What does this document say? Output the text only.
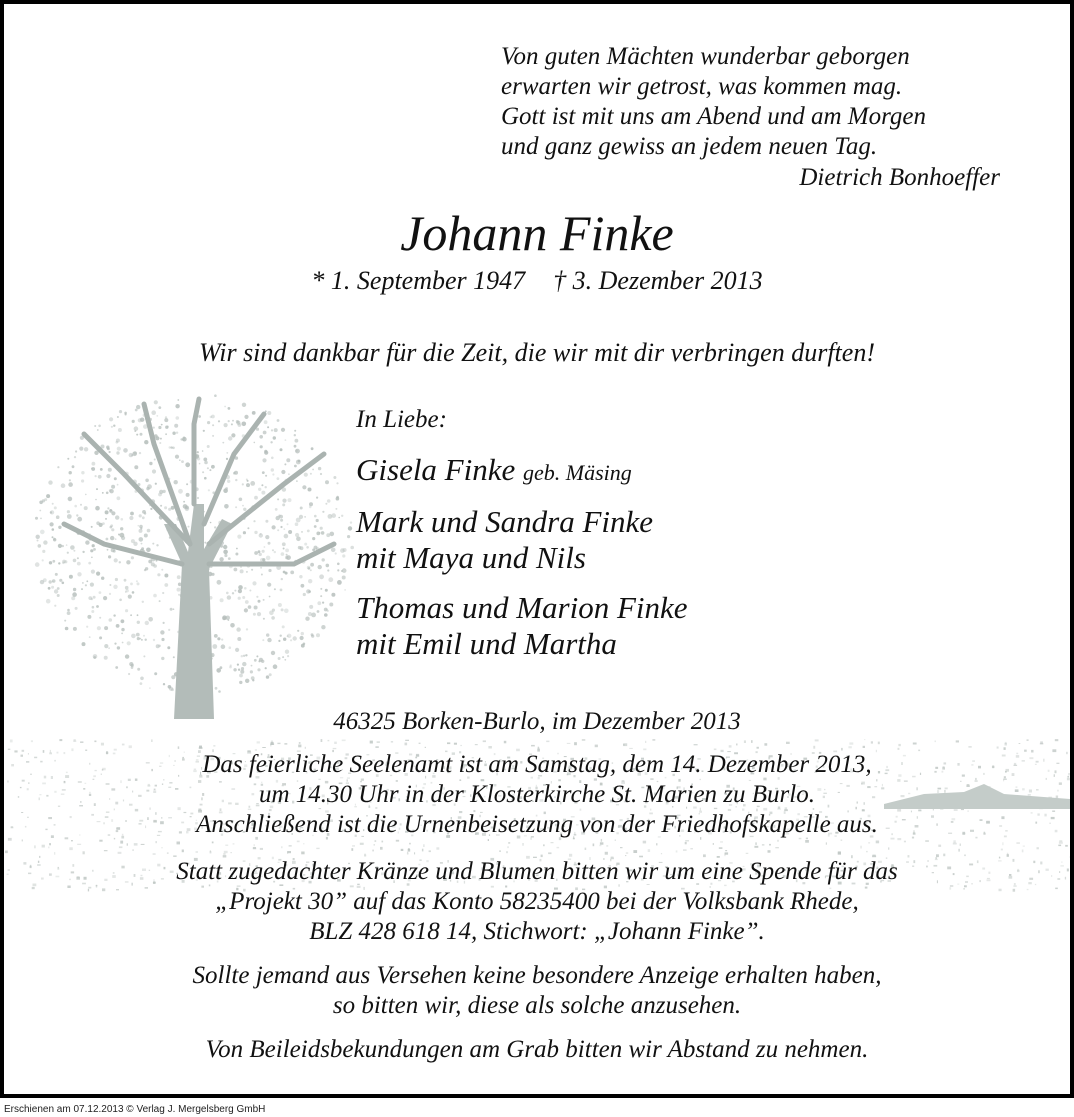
Von guten Mächten wunderbar geborgen
erwarten wir getrost, was kommen mag.
Gott ist mit uns am Abend und am Morgen
und ganz gewiss an jedem neuen Tag.
Dietrich Bonhoeffer
Johann Finke
* 1. September 1947 † 3. Dezember 2013
Wir sind dankbar für die Zeit, die wir mit dir verbringen durften!
In Liebe:
Gisela Finke geb. Mäsing
Mark und Sandra Finke
mit Maya und Nils
Thomas und Marion Finke
mit Emil und Martha
46325 Borken-Burlo, im Dezember 2013
Das feierliche Seelenamt ist am Samstag, dem 14. Dezember 2013,
um 14.30 Uhr in der Klosterkirche St. Marien zu Burlo.
Anschließend ist die Urnenbeisetzung von der Friedhofskapelle aus.
Statt zugedachter Kränze und Blumen bitten wir um eine Spende für das
„Projekt 30” auf das Konto 58235400 bei der Volksbank Rhede,
BLZ 428 618 14, Stichwort: „Johann Finke”.
Sollte jemand aus Versehen keine besondere Anzeige erhalten haben,
so bitten wir, diese als solche anzusehen.
Von Beileidsbekundungen am Grab bitten wir Abstand zu nehmen.
Erschienen am 07.12.2013 © Verlag J. Mergelsberg GmbH
